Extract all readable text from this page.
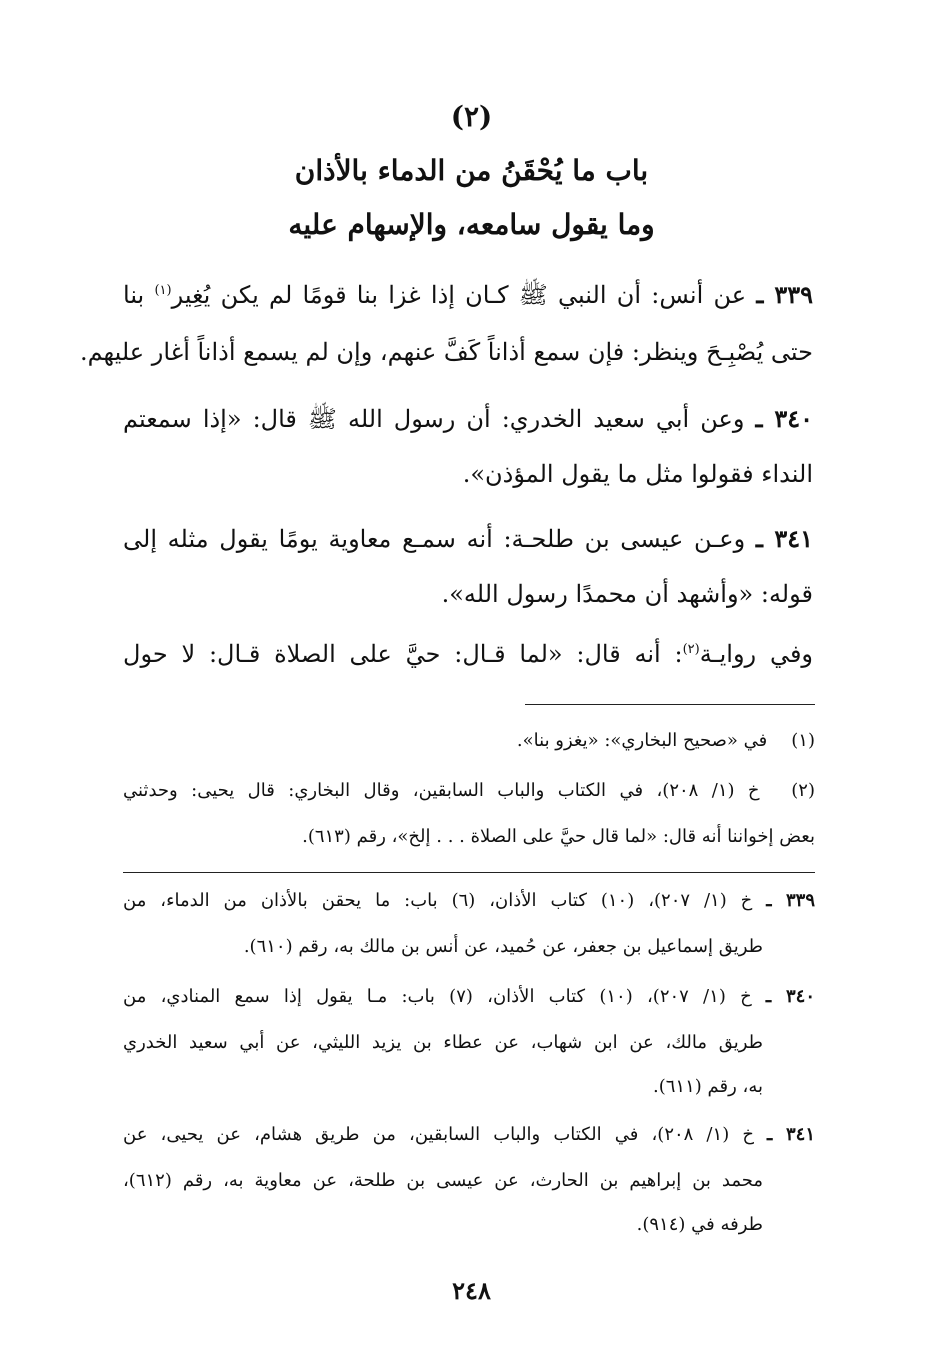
(٢)
باب ما يُحْقَنُ من الدماء بالأذان
وما يقول سامعه، والإسهام عليه
٣٣٩ ـ عن أنس: أن النبي ﷺ كـان إذا غزا بنا قومًا لم يكن يُغِير$^{(١)}$ بنا
حتى يُصْبِـحَ وينظر: فإن سمع أذاناً كَفَّ عنهم، وإن لم يسمع أذاناً أغار عليهم.
٣٤٠ ـ وعن أبي سعيد الخدري: أن رسول الله ﷺ قال: «إذا سمعتم
النداء فقولوا مثل ما يقول المؤذن».
٣٤١ ـ وعـن عيسى بن طلحـة: أنه سمـع معاوية يومًا يقول مثله إلى
قوله: «وأشهد أن محمدًا رسول الله».
وفي روايـة$^{(٢)}$: أنه قال: «لما قـال: حيَّ على الصلاة قـال: لا حول
(١) في «صحيح البخاري»: «يغزو بنا».
(٢) خ (١/ ٢٠٨)، في الكتاب والباب السابقين، وقال البخاري: قال يحيى: وحدثني
بعض إخواننا أنه قال: «لما قال حيَّ على الصلاة . . . إلخ»، رقم (٦١٣).
٣٣٩ ـ خ (١/ ٢٠٧)، (١٠) كتاب الأذان، (٦) باب: ما يحقن بالأذان من الدماء، من
طريق إسماعيل بن جعفر، عن حُميد، عن أنس بن مالك به، رقم (٦١٠).
٣٤٠ ـ خ (١/ ٢٠٧)، (١٠) كتاب الأذان، (٧) باب: مـا يقول إذا سمع المنادي، من
طريق مالك، عن ابن شهاب، عن عطاء بن يزيد الليثي، عن أبي سعيد الخدري
به، رقم (٦١١).
٣٤١ ـ خ (١/ ٢٠٨)، في الكتاب والباب السابقين، من طريق هشام، عن يحيى، عن
محمد بن إبراهيم بن الحارث، عن عيسى بن طلحة، عن معاوية به، رقم (٦١٢)،
طرفه في (٩١٤).
٢٤٨
